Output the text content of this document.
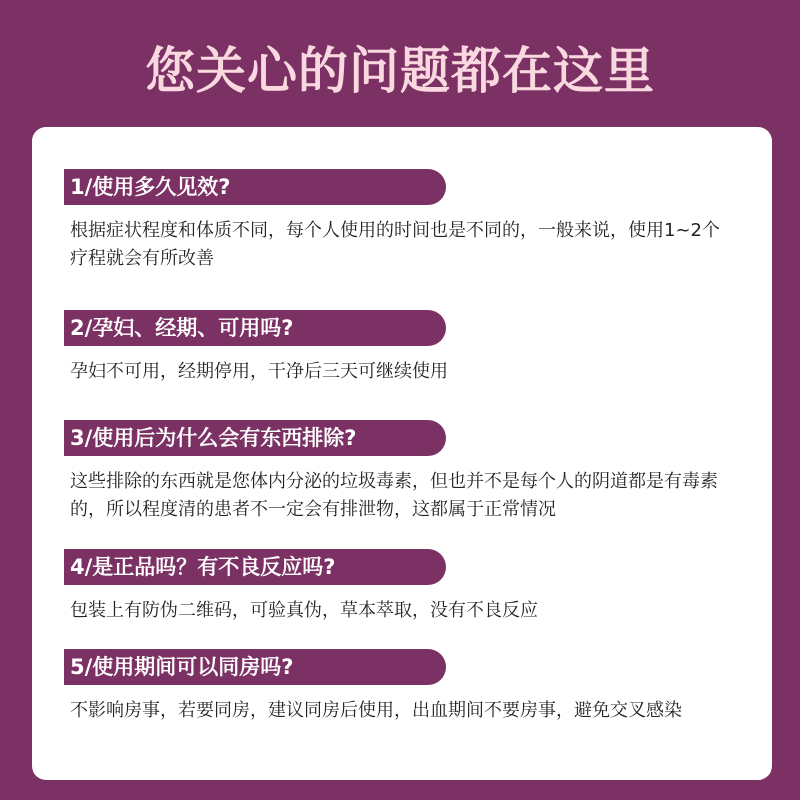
您关心的问题都在这里
1/使用多久见效?
根据症状程度和体质不同，每个人使用的时间也是不同的，一般来说，使用1~2个疗程就会有所改善
2/孕妇、经期、可用吗?
孕妇不可用，经期停用，干净后三天可继续使用
3/使用后为什么会有东西排除?
这些排除的东西就是您体内分泌的垃圾毒素，但也并不是每个人的阴道都是有毒素的，所以程度清的患者不一定会有排泄物，这都属于正常情况
4/是正品吗？有不良反应吗?
包装上有防伪二维码，可验真伪，草本萃取，没有不良反应
5/使用期间可以同房吗?
不影响房事，若要同房，建议同房后使用，出血期间不要房事，避免交叉感染
